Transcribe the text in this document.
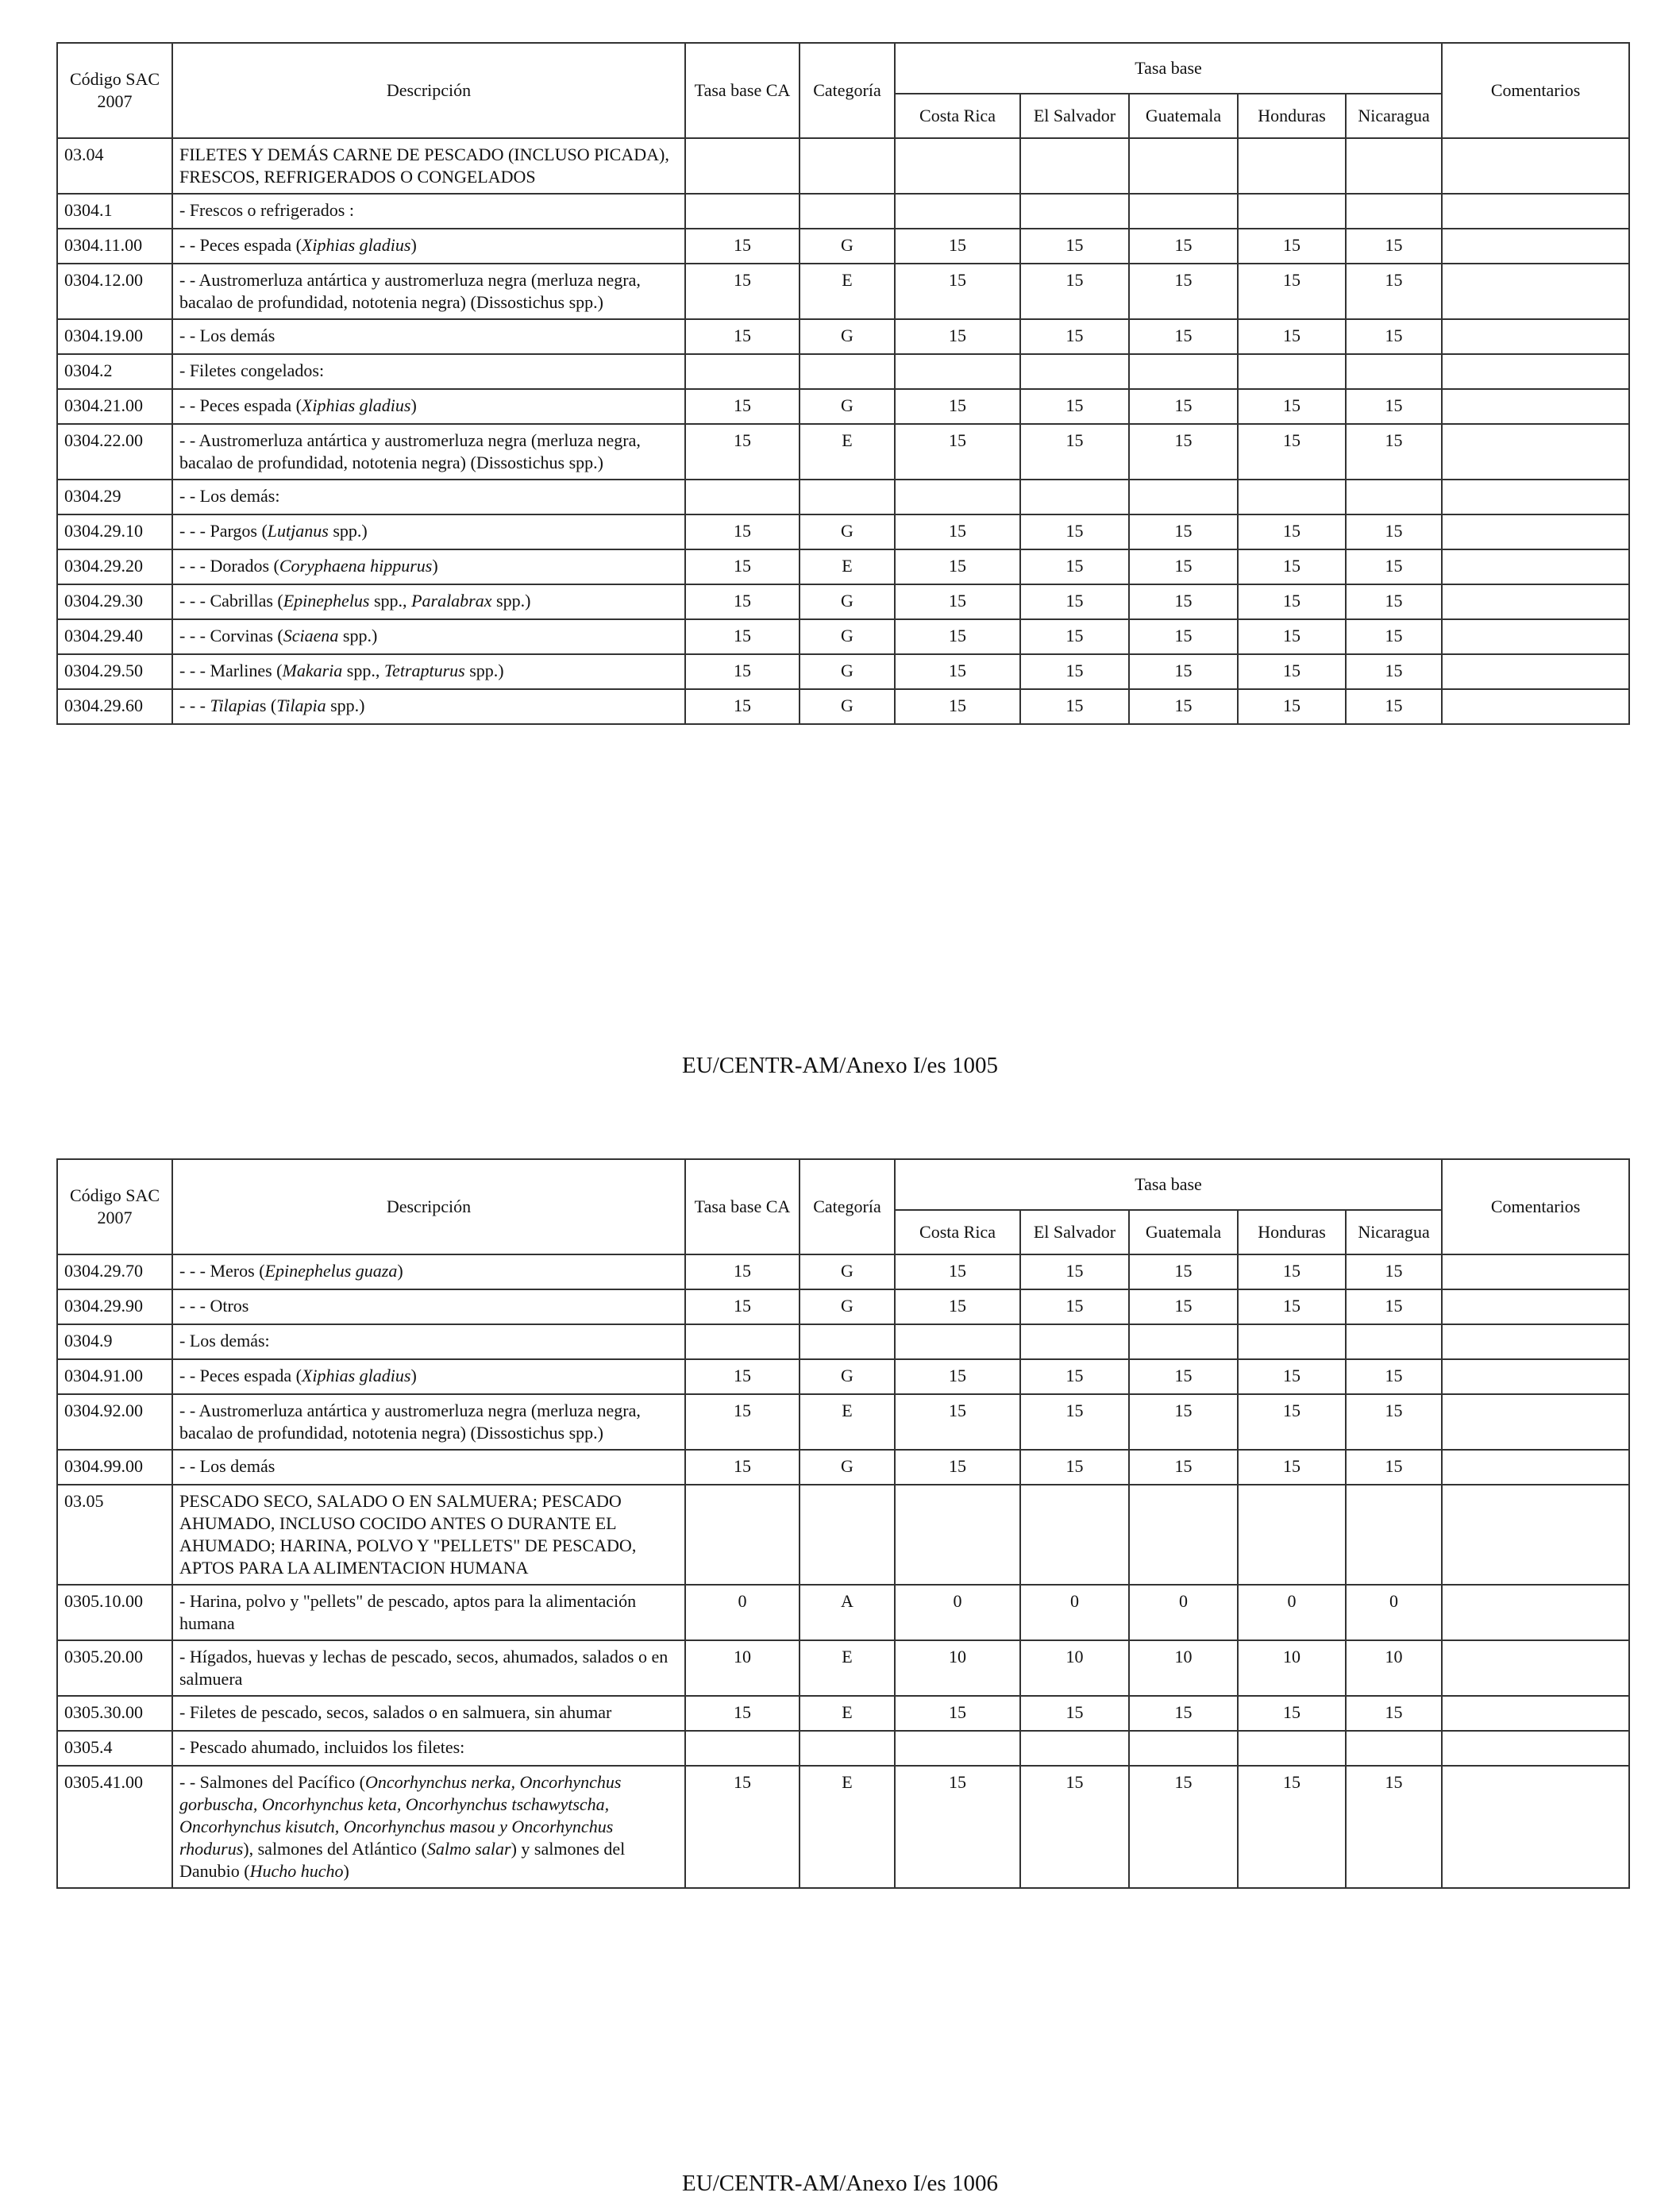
Código SAC 2007	Descripción	Tasa base CA	Categoría	Tasa base					Comentarios
				Costa Rica	El Salvador	Guatemala	Honduras	Nicaragua	
03.04	FILETES Y DEMÁS CARNE DE PESCADO (INCLUSO PICADA), FRESCOS, REFRIGERADOS O CONGELADOS								
0304.1	- Frescos o refrigerados :								
0304.11.00	- - Peces espada (Xiphias gladius)	15	G	15	15	15	15	15	
0304.12.00	- - Austromerluza antártica y austromerluza negra (merluza negra, bacalao de profundidad, nototenia negra) (Dissostichus spp.)	15	E	15	15	15	15	15	
0304.19.00	- - Los demás	15	G	15	15	15	15	15	
0304.2	- Filetes congelados:								
0304.21.00	- - Peces espada (Xiphias gladius)	15	G	15	15	15	15	15	
0304.22.00	- - Austromerluza antártica y austromerluza negra (merluza negra, bacalao de profundidad, nototenia negra) (Dissostichus spp.)	15	E	15	15	15	15	15	
0304.29	- - Los demás:								
0304.29.10	- - - Pargos (Lutjanus spp.)	15	G	15	15	15	15	15	
0304.29.20	- - - Dorados (Coryphaena hippurus)	15	E	15	15	15	15	15	
0304.29.30	- - - Cabrillas (Epinephelus spp., Paralabrax spp.)	15	G	15	15	15	15	15	
0304.29.40	- - - Corvinas (Sciaena spp.)	15	G	15	15	15	15	15	
0304.29.50	- - - Marlines (Makaria spp., Tetrapturus spp.)	15	G	15	15	15	15	15	
0304.29.60	- - - Tilapias (Tilapia spp.)	15	G	15	15	15	15	15	
EU/CENTR-AM/Anexo I/es 1005
Código SAC 2007	Descripción	Tasa base CA	Categoría	Tasa base					Comentarios
				Costa Rica	El Salvador	Guatemala	Honduras	Nicaragua	
0304.29.70	- - - Meros (Epinephelus guaza)	15	G	15	15	15	15	15	
0304.29.90	- - - Otros	15	G	15	15	15	15	15	
0304.9	- Los demás:								
0304.91.00	- - Peces espada (Xiphias gladius)	15	G	15	15	15	15	15	
0304.92.00	- - Austromerluza antártica y austromerluza negra (merluza negra, bacalao de profundidad, nototenia negra) (Dissostichus spp.)	15	E	15	15	15	15	15	
0304.99.00	- - Los demás	15	G	15	15	15	15	15	
03.05	PESCADO SECO, SALADO O EN SALMUERA; PESCADO AHUMADO, INCLUSO COCIDO ANTES O DURANTE EL AHUMADO; HARINA, POLVO Y "PELLETS" DE PESCADO, APTOS PARA LA ALIMENTACION HUMANA								
0305.10.00	- Harina, polvo y "pellets" de pescado, aptos para la alimentación humana	0	A	0	0	0	0	0	
0305.20.00	- Hígados, huevas y lechas de pescado, secos, ahumados, salados o en salmuera	10	E	10	10	10	10	10	
0305.30.00	- Filetes de pescado, secos, salados o en salmuera, sin ahumar	15	E	15	15	15	15	15	
0305.4	- Pescado ahumado, incluidos los filetes:								
0305.41.00	- - Salmones del Pacífico (Oncorhynchus nerka, Oncorhynchus gorbuscha, Oncorhynchus keta, Oncorhynchus tschawytscha, Oncorhynchus kisutch, Oncorhynchus masou y Oncorhynchus rhodurus), salmones del Atlántico (Salmo salar) y salmones del Danubio (Hucho hucho)	15	E	15	15	15	15	15	
EU/CENTR-AM/Anexo I/es 1006
